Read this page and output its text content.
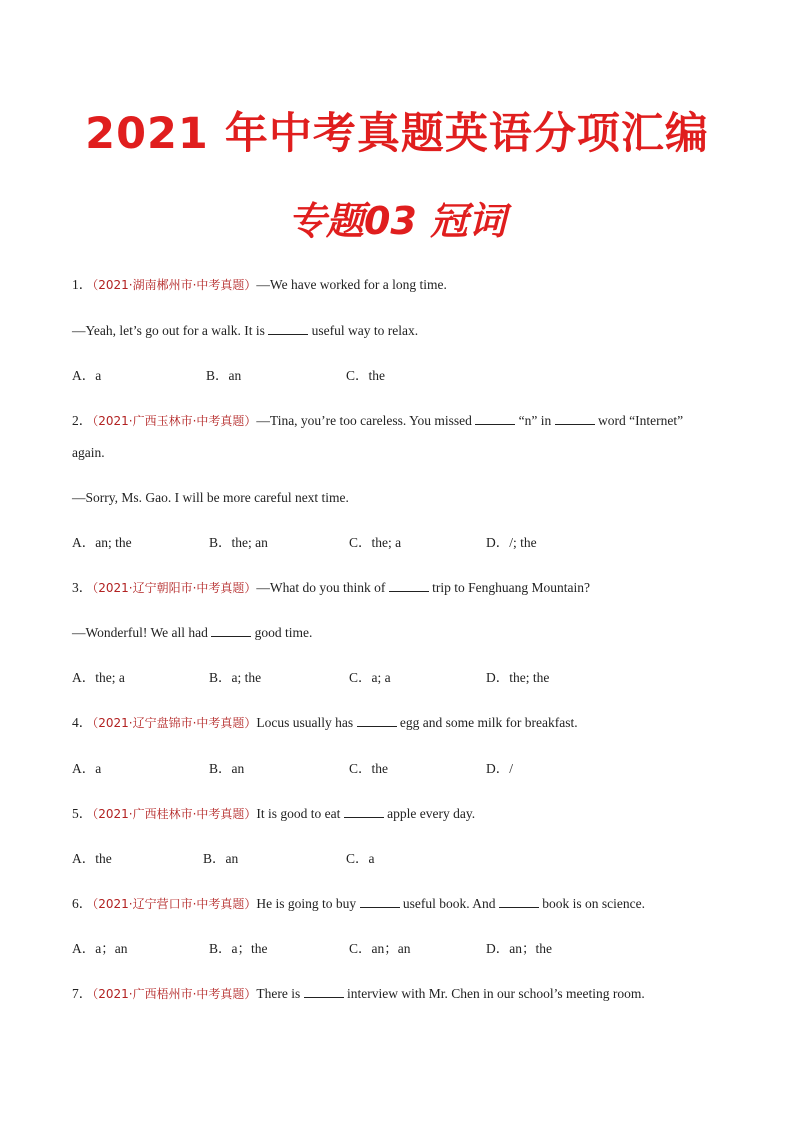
2021 年中考真题英语分项汇编
专题03 冠词
1．（2021·湖南郴州市·中考真题）—We have worked for a long time.
—Yeah, let’s go out for a walk. It is	useful way to relax.
A．a	B．an	C．the
2．（2021·广西玉林市·中考真题）—Tina, you’re too careless. You missed	“n” in	word “Internet”
again.
—Sorry, Ms. Gao. I will be more careful next time.
A．an; the	B．the; an	C．the; a	D．/; the
3．（2021·辽宁朝阳市·中考真题）—What do you think of	trip to Fenghuang Mountain?
—Wonderful! We all had	good time.
A．the; a	B．a; the	C．a; a	D．the; the
4．（2021·辽宁盘锦市·中考真题）Locus usually has	egg and some milk for breakfast.
A．a	B．an	C．the	D．/
5．（2021·广西桂林市·中考真题）It is good to eat	apple every day.
A．the	B．an	C．a
6．（2021·辽宁营口市·中考真题）He is going to buy	useful book. And	book is on science.
A．a；an	B．a；the	C．an；an	D．an；the
7．（2021·广西梧州市·中考真题）There is	interview with Mr. Chen in our school’s meeting room.
